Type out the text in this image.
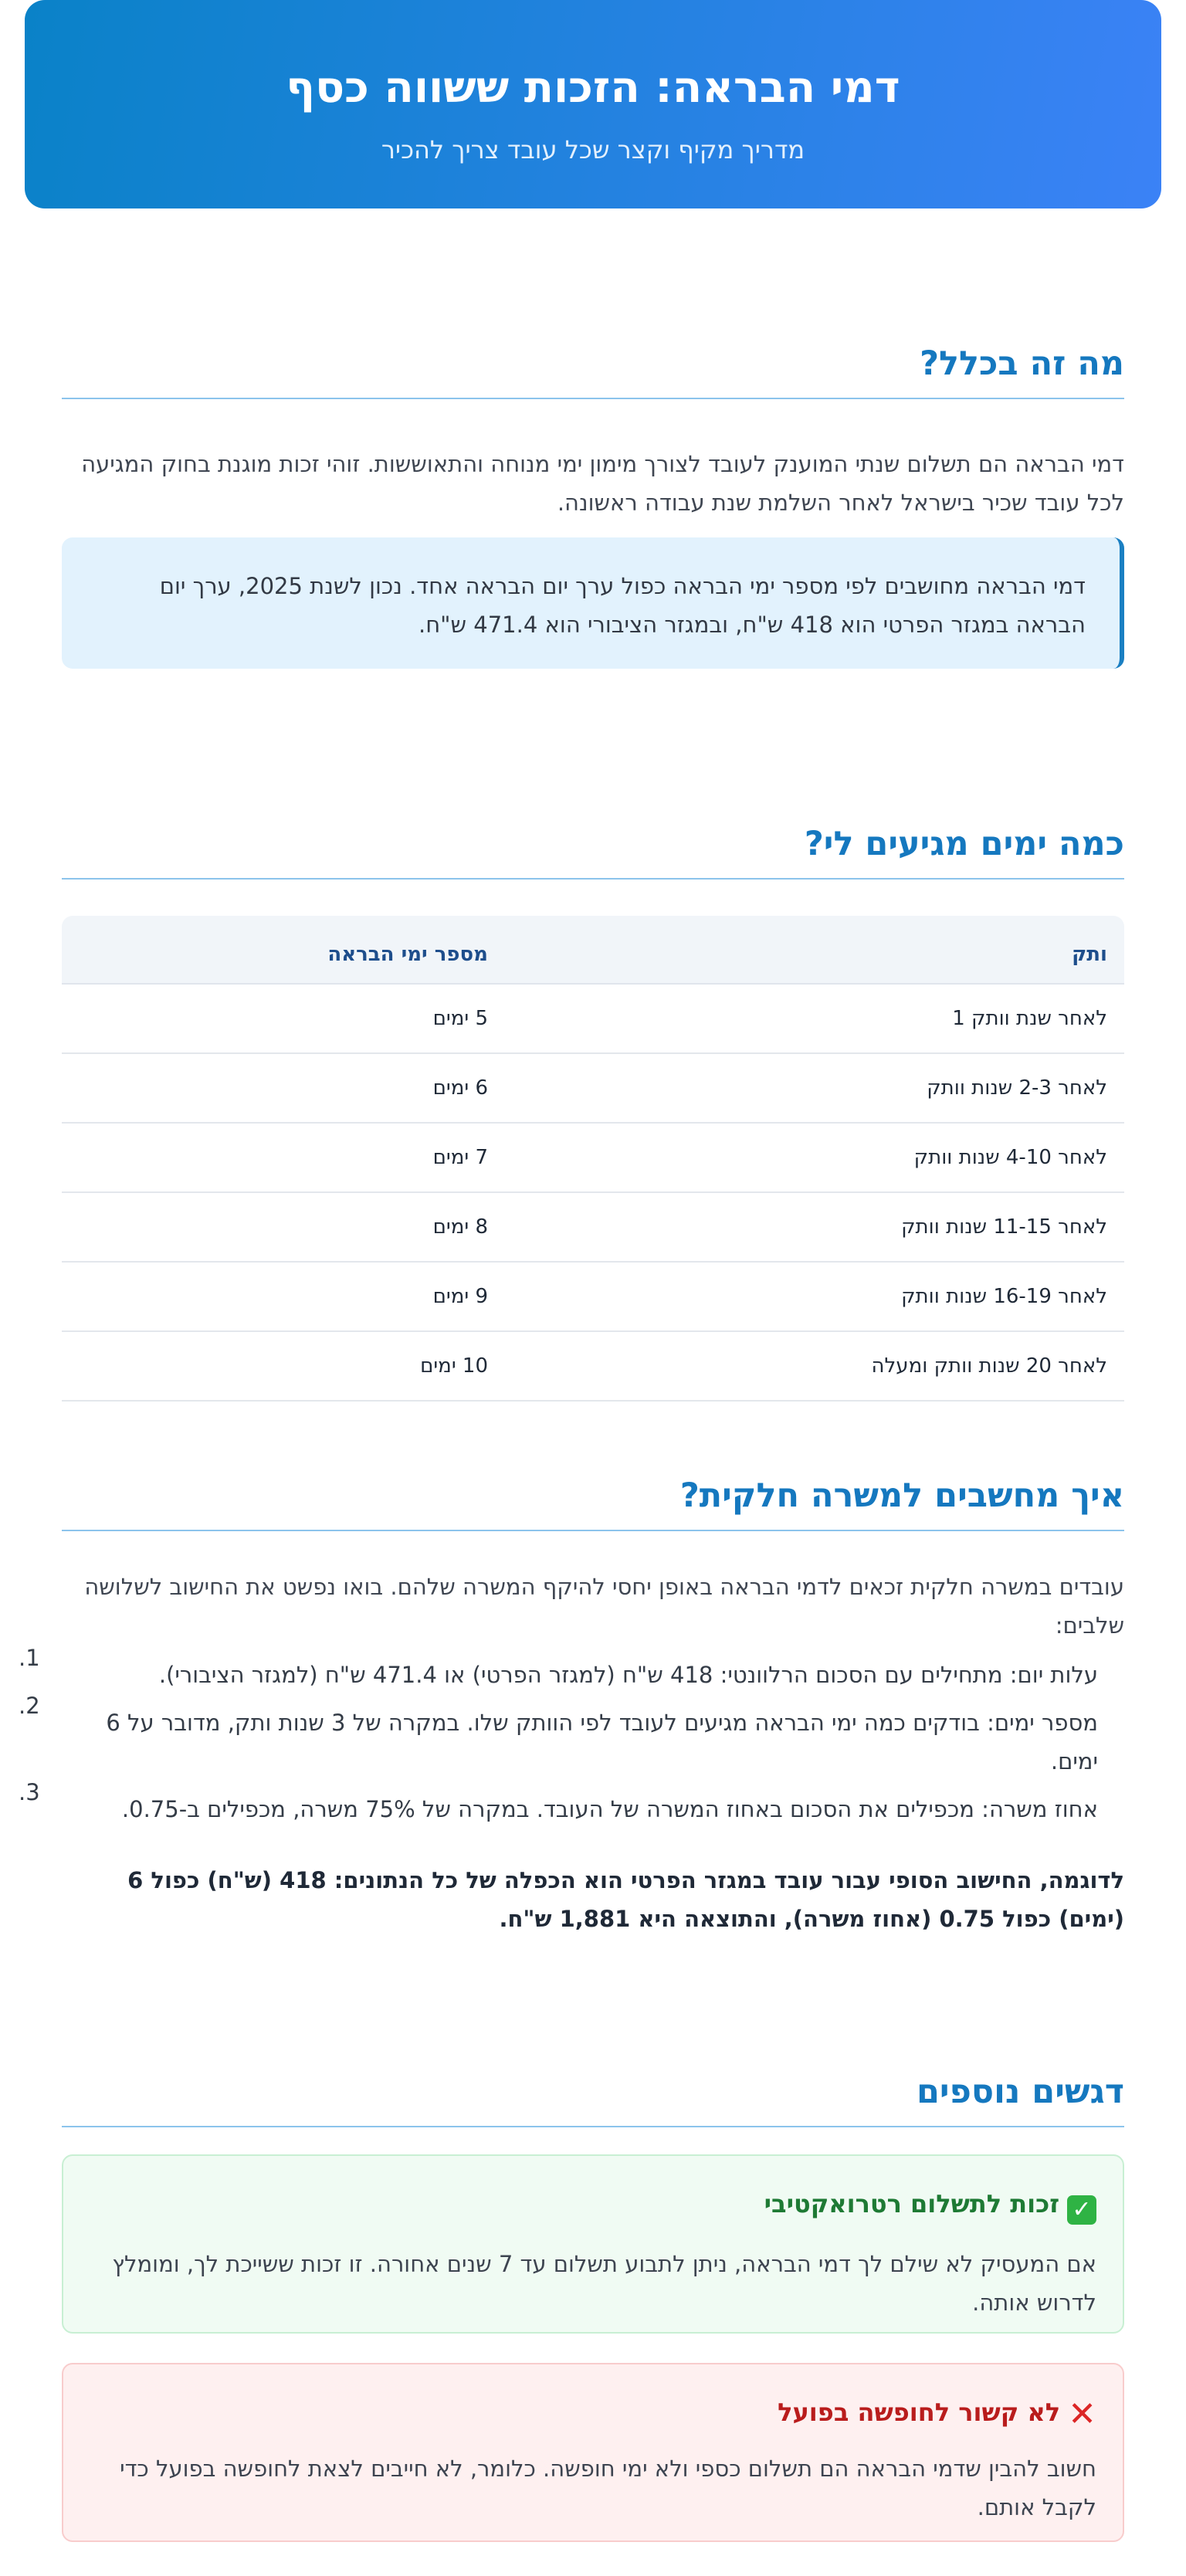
דמי הבראה: הזכות ששווה כסף

מדריך מקיף וקצר שכל עובד צריך להכיר

מה זה בכלל?

דמי הבראה הם תשלום שנתי המוענק לעובד לצורך מימון ימי מנוחה והתאוששות. זוהי זכות מוגנת בחוק המגיעה לכל עובד שכיר בישראל לאחר השלמת שנת עבודה ראשונה.

דמי הבראה מחושבים לפי מספר ימי הבראה כפול ערך יום הבראה אחד. נכון לשנת 2025, ערך יום הבראה במגזר הפרטי הוא 418 ש"ח, ובמגזר הציבורי הוא 471.4 ש"ח.
כמה ימים מגיעים לי?
ותק	מספר ימי הבראה
לאחר שנת וותק 1	5 ימים
לאחר 2-3 שנות וותק	6 ימים
לאחר 4-10 שנות וותק	7 ימים
לאחר 11-15 שנות וותק	8 ימים
לאחר 16-19 שנות וותק	9 ימים
לאחר 20 שנות וותק ומעלה	10 ימים
איך מחשבים למשרה חלקית?

עובדים במשרה חלקית זכאים לדמי הבראה באופן יחסי להיקף המשרה שלהם. בואו נפשט את החישוב לשלושה שלבים:

1.
עלות יום: מתחילים עם הסכום הרלוונטי: 418 ש"ח (למגזר הפרטי) או 471.4 ש"ח (למגזר הציבורי).
2.
מספר ימים: בודקים כמה ימי הבראה מגיעים לעובד לפי הוותק שלו. במקרה של 3 שנות ותק, מדובר על 6 ימים.
3.
אחוז משרה: מכפילים את הסכום באחוז המשרה של העובד. במקרה של 75% משרה, מכפילים ב-0.75.

לדוגמה, החישוב הסופי עבור עובד במגזר הפרטי הוא הכפלה של כל הנתונים: 418 (ש"ח) כפול 6 (ימים) כפול 0.75 (אחוז משרה), והתוצאה היא 1,881 ש"ח.

דגשים נוספים
✓זכות לתשלום רטרואקטיבי

אם המעסיק לא שילם לך דמי הבראה, ניתן לתבוע תשלום עד 7 שנים אחורה. זו זכות ששייכת לך, ומומלץ לדרוש אותה.

✕לא קשור לחופשה בפועל

חשוב להבין שדמי הבראה הם תשלום כספי ולא ימי חופשה. כלומר, לא חייבים לצאת לחופשה בפועל כדי לקבל אותם.
